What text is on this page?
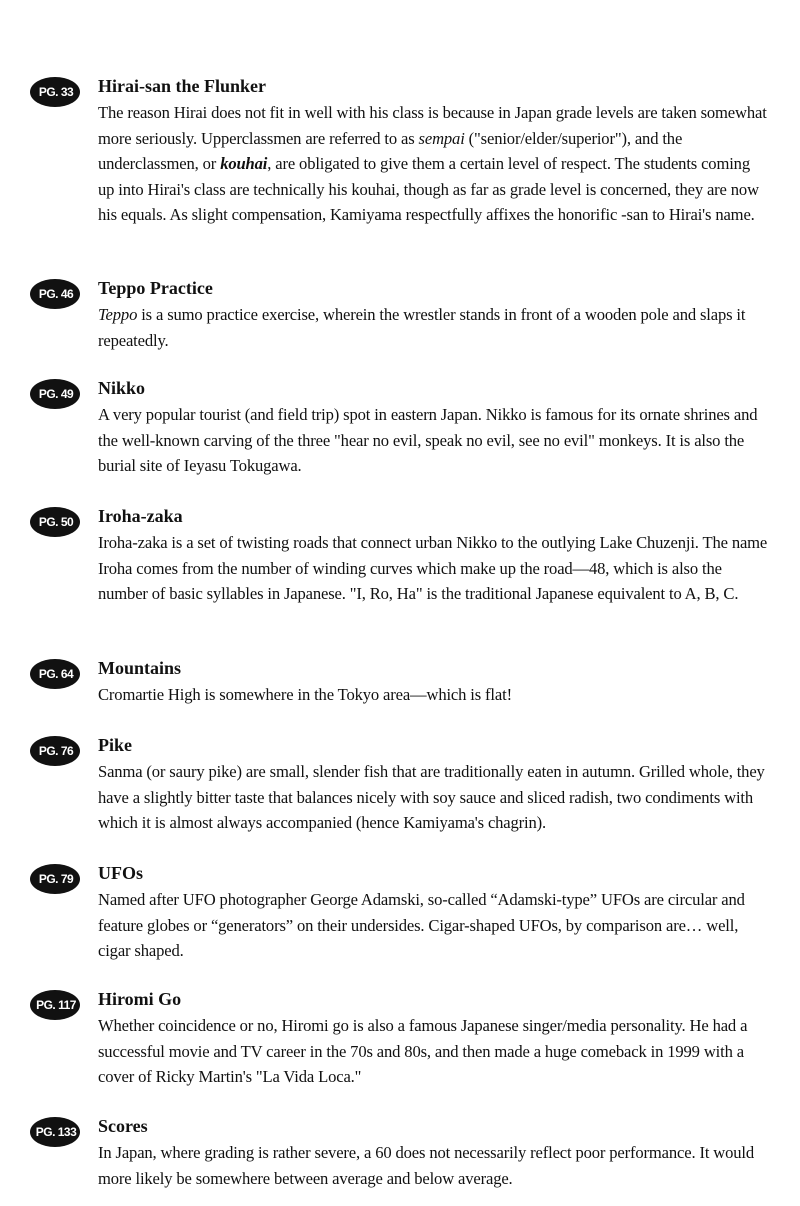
PG. 33	Hirai-san the Flunker

The reason Hirai does not fit in well with his class is because in Japan grade levels are taken somewhat more seriously. Upperclassmen are referred to as sempai ("senior/elder/superior"), and the underclassmen, or kouhai, are obligated to give them a certain level of respect. The students coming up into Hirai's class are technically his kouhai, though as far as grade level is concerned, they are now his equals. As slight compensation, Kamiyama respectfully affixes the honorific -san to Hirai's name.

PG. 46	Teppo Practice

Teppo is a sumo practice exercise, wherein the wrestler stands in front of a wooden pole and slaps it repeatedly.

PG. 49	Nikko

A very popular tourist (and field trip) spot in eastern Japan. Nikko is famous for its ornate shrines and the well-known carving of the three "hear no evil, speak no evil, see no evil" monkeys. It is also the burial site of Ieyasu Tokugawa.

PG. 50	Iroha-zaka

Iroha-zaka is a set of twisting roads that connect urban Nikko to the outlying Lake Chuzenji. The name Iroha comes from the number of winding curves which make up the road—48, which is also the number of basic syllables in Japanese. "I, Ro, Ha" is the traditional Japanese equivalent to A, B, C.

PG. 64	Mountains

Cromartie High is somewhere in the Tokyo area—which is flat!

PG. 76	Pike

Sanma (or saury pike) are small, slender fish that are traditionally eaten in autumn. Grilled whole, they have a slightly bitter taste that balances nicely with soy sauce and sliced radish, two condiments with which it is almost always accompanied (hence Kamiyama's chagrin).

PG. 79	UFOs

Named after UFO photographer George Adamski, so-called “Adamski-type” UFOs are circular and feature globes or “generators” on their undersides. Cigar-shaped UFOs, by comparison are… well, cigar shaped.

PG. 117 Hiromi Go

Whether coincidence or no, Hiromi go is also a famous Japanese singer/media personality. He had a successful movie and TV career in the 70s and 80s, and then made a huge comeback in 1999 with a cover of Ricky Martin's "La Vida Loca."

PG. 133 Scores

In Japan, where grading is rather severe, a 60 does not necessarily reflect poor performance. It would more likely be somewhere between average and below average.
